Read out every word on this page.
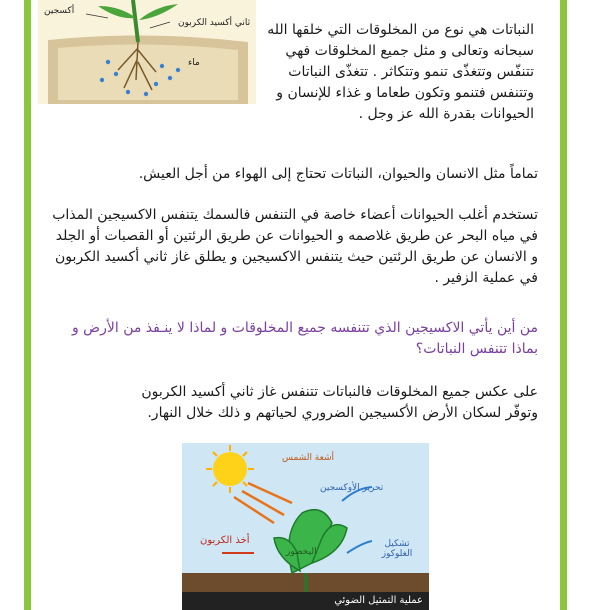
أكسجين
ثاني أكسيد الكربون
ماء
النباتات هي نوع من المخلوقات التي خلقها الله سبحانه وتعالى و مثل جميع المخلوقات فهي تتنفّس وتتغذّى تنمو وتتكاثر . تتغذّى النباتات وتتنفس فتنمو وتكون طعاما و غذاء للإنسان و الحيوانات بقدرة الله عز وجل .
تماماً مثل الانسان والحيوان، النباتات تحتاج إلى الهواء من أجل العيش.
تستخدم أغلب الحيوانات أعضاء خاصة في التنفس فالسمك يتنفس الاكسيجين المذاب في مياه البحر عن طريق غلاصمه و الحيوانات عن طريق الرئتين أو القصبات أو الجلد و الانسان عن طريق الرئتين حيث يتنفس الاكسيجين و يطلق غاز ثاني أكسيد الكربون في عملية الزفير .
من أين يأتي الاكسيجين الذي تتنفسه جميع المخلوقات و لماذا لا ينـفذ من الأرض و بماذا تتنفس النباتات؟
على عكس جميع المخلوقات فالنباتات تتنفس غاز ثاني أكسيد الكربون وتوفّر لسكان الأرض الأكسيجين الضروري لحياتهم و ذلك خلال النهار.
أشعة الشمس
تحرير الأوكسجين
أخذ الكربون
اليخضور
تشكيل الغلوكوز
عملية التمثيل الضوئي
